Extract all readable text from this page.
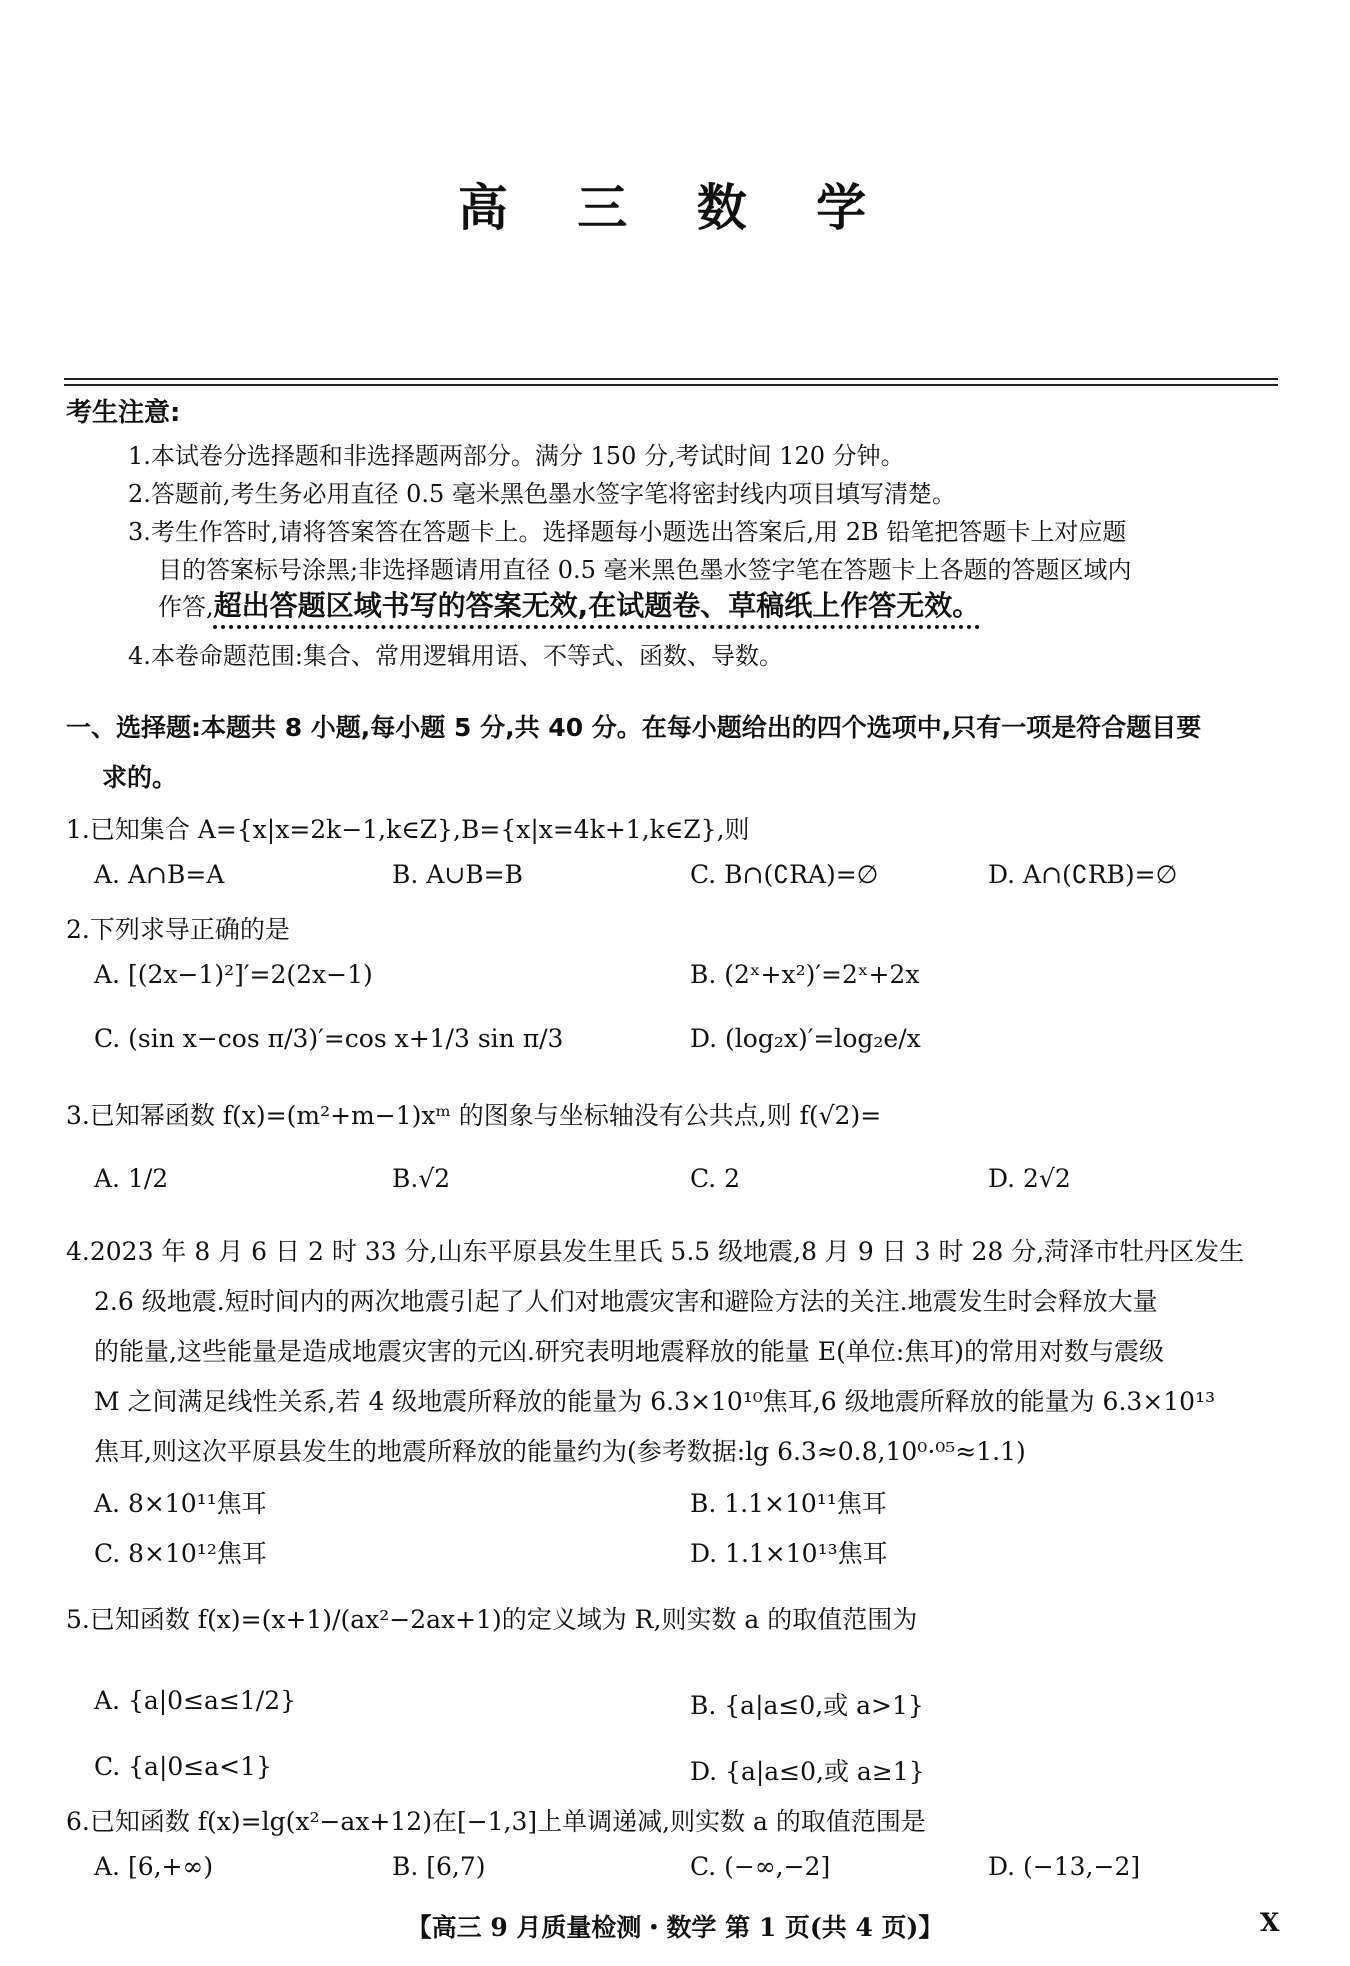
高 三 数 学
考生注意:
1.本试卷分选择题和非选择题两部分。满分 150 分,考试时间 120 分钟。
2.答题前,考生务必用直径 0.5 毫米黑色墨水签字笔将密封线内项目填写清楚。
3.考生作答时,请将答案答在答题卡上。选择题每小题选出答案后,用 2B 铅笔把答题卡上对应题
目的答案标号涂黑;非选择题请用直径 0.5 毫米黑色墨水签字笔在答题卡上各题的答题区域内
作答,超出答题区域书写的答案无效,在试题卷、草稿纸上作答无效。
4.本卷命题范围:集合、常用逻辑用语、不等式、函数、导数。
一、选择题:本题共 8 小题,每小题 5 分,共 40 分。在每小题给出的四个选项中,只有一项是符合题目要
求的。
1.已知集合 A={x|x=2k−1,k∈Z},B={x|x=4k+1,k∈Z},则
A. A∩B=A	B. A∪B=B	C. B∩(∁RA)=∅	D. A∩(∁RB)=∅
2.下列求导正确的是
A. [(2x−1)²]′=2(2x−1)	B. (2ˣ+x²)′=2ˣ+2x
C. (sin x−cos π/3)′=cos x+1/3 sin π/3	D. (log₂x)′=log₂e/x
3.已知幂函数 f(x)=(m²+m−1)xᵐ 的图象与坐标轴没有公共点,则 f(√2)=
A. 1/2	B.√2	C. 2	D. 2√2
4.2023 年 8 月 6 日 2 时 33 分,山东平原县发生里氏 5.5 级地震,8 月 9 日 3 时 28 分,菏泽市牡丹区发生
2.6 级地震.短时间内的两次地震引起了人们对地震灾害和避险方法的关注.地震发生时会释放大量
的能量,这些能量是造成地震灾害的元凶.研究表明地震释放的能量 E(单位:焦耳)的常用对数与震级
M 之间满足线性关系,若 4 级地震所释放的能量为 6.3×10¹⁰焦耳,6 级地震所释放的能量为 6.3×10¹³
焦耳,则这次平原县发生的地震所释放的能量约为(参考数据:lg 6.3≈0.8,10⁰·⁰⁵≈1.1)
A. 8×10¹¹焦耳	B. 1.1×10¹¹焦耳
C. 8×10¹²焦耳	D. 1.1×10¹³焦耳
5.已知函数 f(x)=(x+1)/(ax²−2ax+1)的定义域为 R,则实数 a 的取值范围为
A. {a|0≤a≤1/2}	B. {a|a≤0,或 a>1}
C. {a|0≤a<1}	D. {a|a≤0,或 a≥1}
6.已知函数 f(x)=lg(x²−ax+12)在[−1,3]上单调递减,则实数 a 的取值范围是
A. [6,+∞)	B. [6,7)	C. (−∞,−2]	D. (−13,−2]
【高三 9 月质量检测・数学 第 1 页(共 4 页)】	X
